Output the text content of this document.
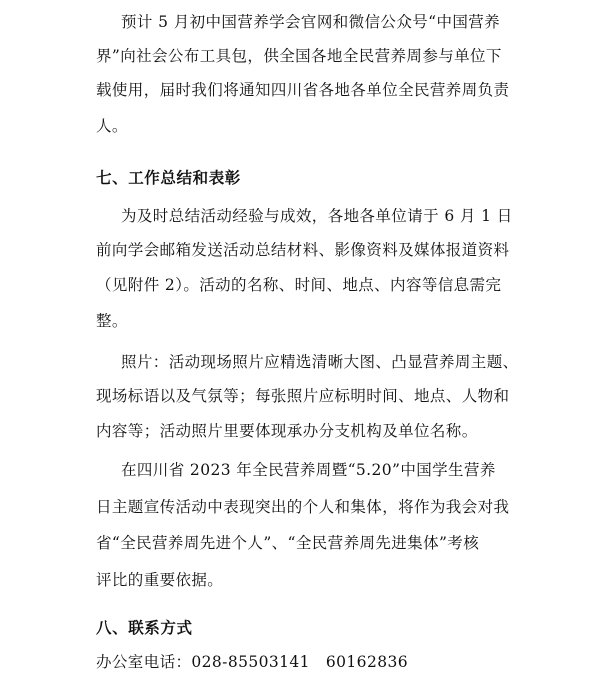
预计 5 月初中国营养学会官网和微信公众号“中国营养
界”向社会公布工具包，供全国各地全民营养周参与单位下
载使用，届时我们将通知四川省各地各单位全民营养周负责
人。
七、工作总结和表彰
为及时总结活动经验与成效，各地各单位请于 6 月 1 日
前向学会邮箱发送活动总结材料、影像资料及媒体报道资料
（见附件 2）。活动的名称、时间、地点、内容等信息需完
整。
照片：活动现场照片应精选清晰大图、凸显营养周主题、
现场标语以及气氛等；每张照片应标明时间、地点、人物和
内容等；活动照片里要体现承办分支机构及单位名称。
在四川省 2023 年全民营养周暨“5.20”中国学生营养
日主题宣传活动中表现突出的个人和集体，将作为我会对我
省“全民营养周先进个人”、“全民营养周先进集体”考核
评比的重要依据。
八、联系方式
办公室电话：028-85503141   60162836
